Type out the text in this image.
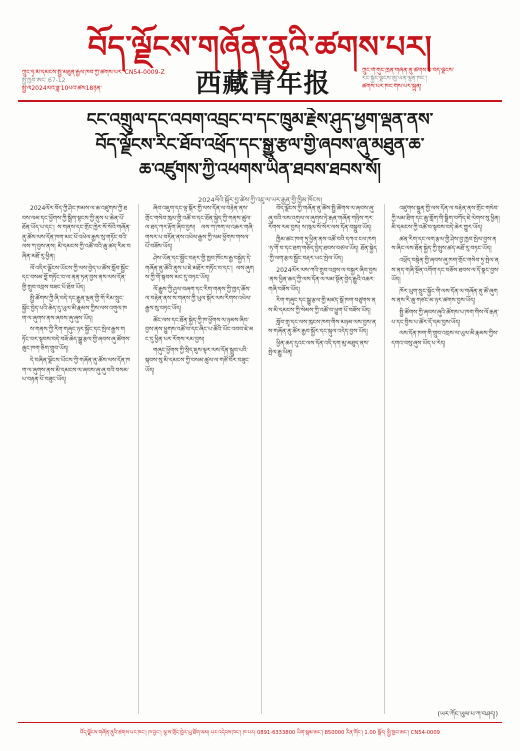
བོད་ལྗོངས་གཞོན་ནུའི་ཚགས་པར།
ཀྲུང་ཧྭ་མི་དམངས་སྤྱི་མཐུན་རྒྱལ་ཁབ་ཀྱི་ཚགས་པར་ CN54-0009-Z
སྤྱི་ཁྱབ་ཨང་ 67-12
སྤྱི་ལོ2024ལོའི་ཟླ་10པའི་ཚེས18ཉིན་	西藏青年报	ཀྲུང་གོ་གུང་ཁྲན་གཞོན་ནུ་ཚོགས་པ་བོད་ལྗོངས་
རང་སྐྱོང་ལྗོངས་ཨུ་ཡོན་ལྷན་ཁང་།
ཚགས་པར་ཁང་གིས་པར་སྐྲུན།
ངང་འགྲུལ་དང་འབག་འབྲང་བ་དང་ཁྲུམ་རྗེས་ཤུད་ཕྱག་ལྡན་ནས་
བོད་ལྗོངས་རིང་ཐོབ་འཕྲོད་དང་སྒྱུ་རྩལ་གྱི་ཞབས་ཞུ་མཐུན་ཆ་
ཆ་འཛུགས་ཀྱི་འཕགས་ཡིན་ཐབས་ཐབས་སོ།
2024ལོའི་སྐོར་བྱ་ཚེས་ཀྱི་འཇུ་ལ་ཡར་རྒྱན་གྱི་ཁྱིམ་ཁོངས།

2024ལོར་བོད་ཀྱི་ཤིང་ཁམས་ལ་ཆ་འཛུགས་ཀྱི་ཐབས་ལམ་དང་ཕྱོགས་ཀྱི་སྒྲིག་སྟངས་ཀྱི་ནུས་པ་ཆེན་པོ་ཐོན་ཡོད་པ་དང་། ས་གནས་དང་གྲོང་ཁྱེར་སོ་སོའི་གཞོན་ནུ་ཚོས་ལས་དོན་ཁག་མང་པོ་འཕེལ་རྒྱས་སུ་གཏོང་བའི་ལས་ཀ་བྱས་ནས། མི་དམངས་ཀྱི་འཚོ་བའི་ཆུ་ཚད་རིམ་བཞིན་མཐོ་རུ་ཕྱིན།

ལོ་འདིར་ལྗོངས་ཡོངས་ཀྱི་ལས་བྱེད་པ་ཚོས་སློབ་སྦྱོང་དང་བསམ་བློ་གཏོང་བ་ལ་ནན་ཏན་བྱས་ནས་ལས་དོན་གྱི་གྲུབ་འབྲས་བཟང་པོ་ཐོབ་ཡོད།

སྤྱི་ཚོགས་ཀྱི་ཞི་བདེ་དང་རྒྱུན་ལྡན་གྱི་གོ་རིམ་སྲུང་སྐྱོང་བྱེད་པའི་ཆེད་དུ་ཡུལ་མི་རྣམས་ཀྱིས་ལས་འགུལ་ཁག་ལ་ཞུགས་ནས་ཞབས་ཞུ་ཞུས་ཡོད།

ས་གནས་ཀྱི་རིག་གཞུང་ཉར་སྐྱོང་དང་སྤེལ་རྒྱས་གཏོང་བར་སྟབས་བདེ་བཟོ་ཆེད་སྒྱུ་རྩལ་གྱི་ཞབས་ཞུ་ཚོགས་ཆུང་ཁག་ཅིག་གྲུབ་ཡོད།

དེ་བཞིན་ལྗོངས་ཡོངས་ཀྱི་གཞོན་ནུ་ཚོས་ལས་དོན་ཁག་ལ་ཞུགས་ནས་མི་དམངས་ལ་ཞབས་ཞུ་ཞུ་བའི་བསམ་པ་བརྟན་པོ་བཟུང་ཡོད།

ཞིབ་འཇུག་དང་ལྟ་སྐོར་གྱི་ལས་དོན་ལ་བརྟེན་ནས་གྲོང་གསེབ་ཁུལ་གྱི་འཚོ་བ་དང་ཐོན་སྐྱེད་ཀྱི་གནས་ཚུལ་ལ་ཐད་ཀར་རྟོག་ཞིབ་བྱས། ལས་ཀ་ཁག་ལ་འཆར་གཞི་གསར་པ་བཏོན་ནས་འཕེལ་རྒྱས་ཀྱི་ལམ་ཕྱོགས་གསལ་པོ་བཟོས་ཡོད།

ཤེས་ཡོན་དང་སྦྱོང་བརྡར་གྱི་ཁྱབ་ཁོངས་རྒྱ་བསྐྱེད་དེ་གཞོན་ནུ་ཚོའི་ནུས་པ་ཇེ་མཐོར་གཏོང་བ་དང་། ལས་ཞུགས་ཀྱི་གོ་སྐབས་མང་དུ་བཏང་ཡོད།

ལོ་རྒྱུས་ཀྱི་ཤུལ་བཞག་དང་རིག་གནས་ཀྱི་ཁྱད་ཆོས་ལ་བརྟེན་ནས་ས་གནས་ཀྱི་ཡུལ་སྐོར་ལས་རིགས་འཕེལ་རྒྱས་སུ་བཏང་ཡོད།

ཚོང་ལས་དང་ཐོན་སྐྱེད་ཀྱི་ཁ་ཕྱོགས་ལ་ཉམས་ཞིབ་བྱས་ནས་ཕྱུགས་འཚོ་བ་དང་ཞིང་པ་ཚོའི་ཡོང་འབབ་ཇེ་མང་དུ་ཕྱིན་པར་རོགས་རམ་བྱས།

གཞུང་ཕྱོགས་ཀྱི་སྲིད་ཇུས་ལྟར་ལས་དོན་སྒྲུབ་པའི་སྐབས་སུ་མི་དམངས་ཀྱི་བསམ་ཚུལ་ལ་གཙོ་བོར་བཟུང་ཡོད།

བོད་ལྗོངས་ཀྱི་གཞོན་ནུ་ཚོས་སྤྱི་ཚོགས་ལ་ཞབས་ཞུ་ཞུ་བའི་ལས་འགུལ་ལ་ཞུགས་ཏེ་རྒན་གཞོན་གཉིས་ཀར་རོགས་རམ་བྱས། ས་ཁུལ་སོ་སོར་ལས་དོན་བསྒྲུབ་ཡོད།

ཁྱིམ་ཚང་ཁག་ཏུ་ཕྱིན་ནས་འཚོ་བའི་དཀའ་ངལ་ཁག་ཧ་གོ་བ་དང་ཐག་གཅོད་བྱེད་ཐབས་བཙལ་ཡོད། ཐོན་སྐྱེད་ཀྱི་ལག་རྩལ་སྦྱོང་བརྡར་ཡང་སྤེལ་ཡོད།

2024ལོར་ལས་ཀའི་གྲུབ་འབྲས་ལ་བསྐྱར་ཞིབ་བྱས་ནས་ཕྱིན་ཆད་ཀྱི་ལས་དོན་ལ་ལམ་སྟོན་བྱེད་རྒྱུའི་འཆར་གཞི་བཟོས་ཡོད།

རིག་གཞུང་དང་སྒྱུ་རྩལ་གྱི་མཛད་སྒོ་ཁག་བཙུགས་ནས་མི་དམངས་ཀྱི་སེམས་ཀྱི་འཚོ་བ་ཕྱུག་པོ་བཟོས་ཡོད།

སློབ་གྲྭ་དང་ལས་ཁུངས་ཁག་གིས་མཉམ་ལས་བྱས་ནས་གཞོན་ནུ་ཚོར་རྒྱབ་སྐྱོར་དང་སྐུལ་འདེད་བྱས་ཡོད།

ཕྱིན་ཆད་དུའང་ལས་དོན་འདི་དག་མུ་མཐུད་ནས་སྤེལ་རྒྱུ་ཡིན།

འཛུགས་སྐྲུན་གྱི་ལས་དོན་ལ་བརྟེན་ནས་གྲོང་གསེབ་ཀྱི་ལམ་ཐིག་དང་ཆུ་གློག་གི་སྒྲིག་བཀོད་ཇེ་ལེགས་སུ་ཕྱིན། མི་དམངས་ཀྱི་འཚོ་བ་སྟབས་བདེ་ཆེར་གྱུར་ཡོད།

ཚན་རིག་དང་ལག་རྩལ་གྱི་ཤེས་བྱ་ཁྱབ་སྤེལ་བྱས་ནས་ཞིང་ལས་ཐོན་སྐྱེད་ཀྱི་སྤུས་ཚད་མཐོ་རུ་བཏང་ཡོད།

འཕྲོད་བསྟེན་གྱི་ཞབས་ཞུ་ཁག་གྲོང་གསེབ་ཏུ་སྤེལ་ནས་ནད་གཞི་སྔོན་འགོག་དང་བཅོས་ཐབས་ལ་དོ་སྣང་བྱས་ཡོད།

ཁོར་ཡུག་སྲུང་སྐྱོང་གི་ལས་དོན་ལ་གཞོན་ནུ་ཚོ་ཞུགས་ནས་རི་ཆུ་གཙང་མ་ཉར་ཚགས་བྱས་ཡོད།

སྤྱི་ཚོགས་ཀྱི་ཞབས་ཞུའི་ཚོགས་པ་ཁག་གིས་ལོ་རྒན་པ་དང་བྱིས་པ་ཚོར་དོ་དམ་བྱས་ཡོད།

ལས་དོན་ཁག་གི་གྲུབ་འབྲས་ལ་ཡུལ་མི་རྣམས་ཀྱིས་དགའ་བསུ་ཞུས་ཡོད་པ་རེད།

(ཡར་ཀོང་ཡུལ་པ་ཀ་བཤད།)
བོད་ལྗོངས་གཞོན་ནུའི་ཚགས་པར་ཁང་། ཁ་བྱང་། ལྷ་ས་གྲོང་ཁྱེར་ཡུ་ཐོག་ལམ། པར་འདེབས་ཁང་། ཁ་པར། 0891-6333800 ཡིག་སྒམ་ཨང་། 850000 རིན་གོང་། 1.00 སྒོར། སྤྱི་ཁྱབ་ཨང་། CN54-0009
